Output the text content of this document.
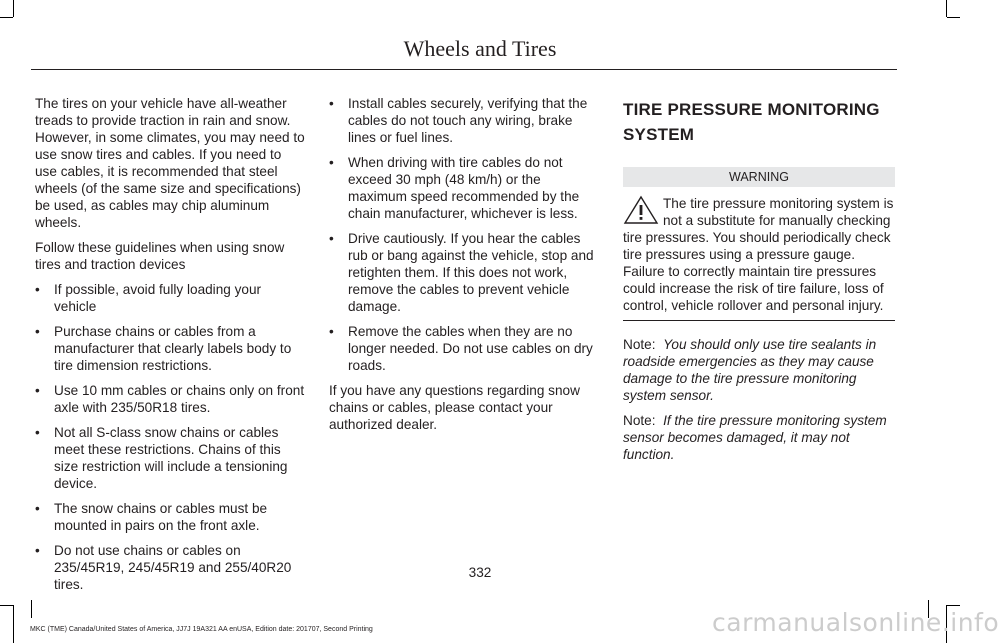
Wheels and Tires

The tires on your vehicle have all-weather treads to provide traction in rain and snow. However, in some climates, you may need to use snow tires and cables. If you need to use cables, it is recommended that steel wheels (of the same size and specifications) be used, as cables may chip aluminum wheels.

Follow these guidelines when using snow tires and traction devices

• If possible, avoid fully loading your vehicle
• Purchase chains or cables from a manufacturer that clearly labels body to tire dimension restrictions.
• Use 10 mm cables or chains only on front axle with 235/50R18 tires.
• Not all S-class snow chains or cables meet these restrictions. Chains of this size restriction will include a tensioning device.
• The snow chains or cables must be mounted in pairs on the front axle.
• Do not use chains or cables on 235/45R19, 245/45R19 and 255/40R20 tires.
• Install cables securely, verifying that the cables do not touch any wiring, brake lines or fuel lines.
• When driving with tire cables do not exceed 30 mph (48 km/h) or the maximum speed recommended by the chain manufacturer, whichever is less.
• Drive cautiously. If you hear the cables rub or bang against the vehicle, stop and retighten them. If this does not work, remove the cables to prevent vehicle damage.
• Remove the cables when they are no longer needed. Do not use cables on dry roads.

If you have any questions regarding snow chains or cables, please contact your authorized dealer.

TIRE PRESSURE MONITORING SYSTEM
WARNING

The tire pressure monitoring system is not a substitute for manually checking tire pressures. You should periodically check tire pressures using a pressure gauge. Failure to correctly maintain tire pressures could increase the risk of tire failure, loss of control, vehicle rollover and personal injury.

Note: You should only use tire sealants in roadside emergencies as they may cause damage to the tire pressure monitoring system sensor.

Note: If the tire pressure monitoring system sensor becomes damaged, it may not function.

332
MKC (TME) Canada/United States of America, JJ7J 19A321 AA enUSA, Edition date: 201707, Second Printing	carmanualsonline.info
